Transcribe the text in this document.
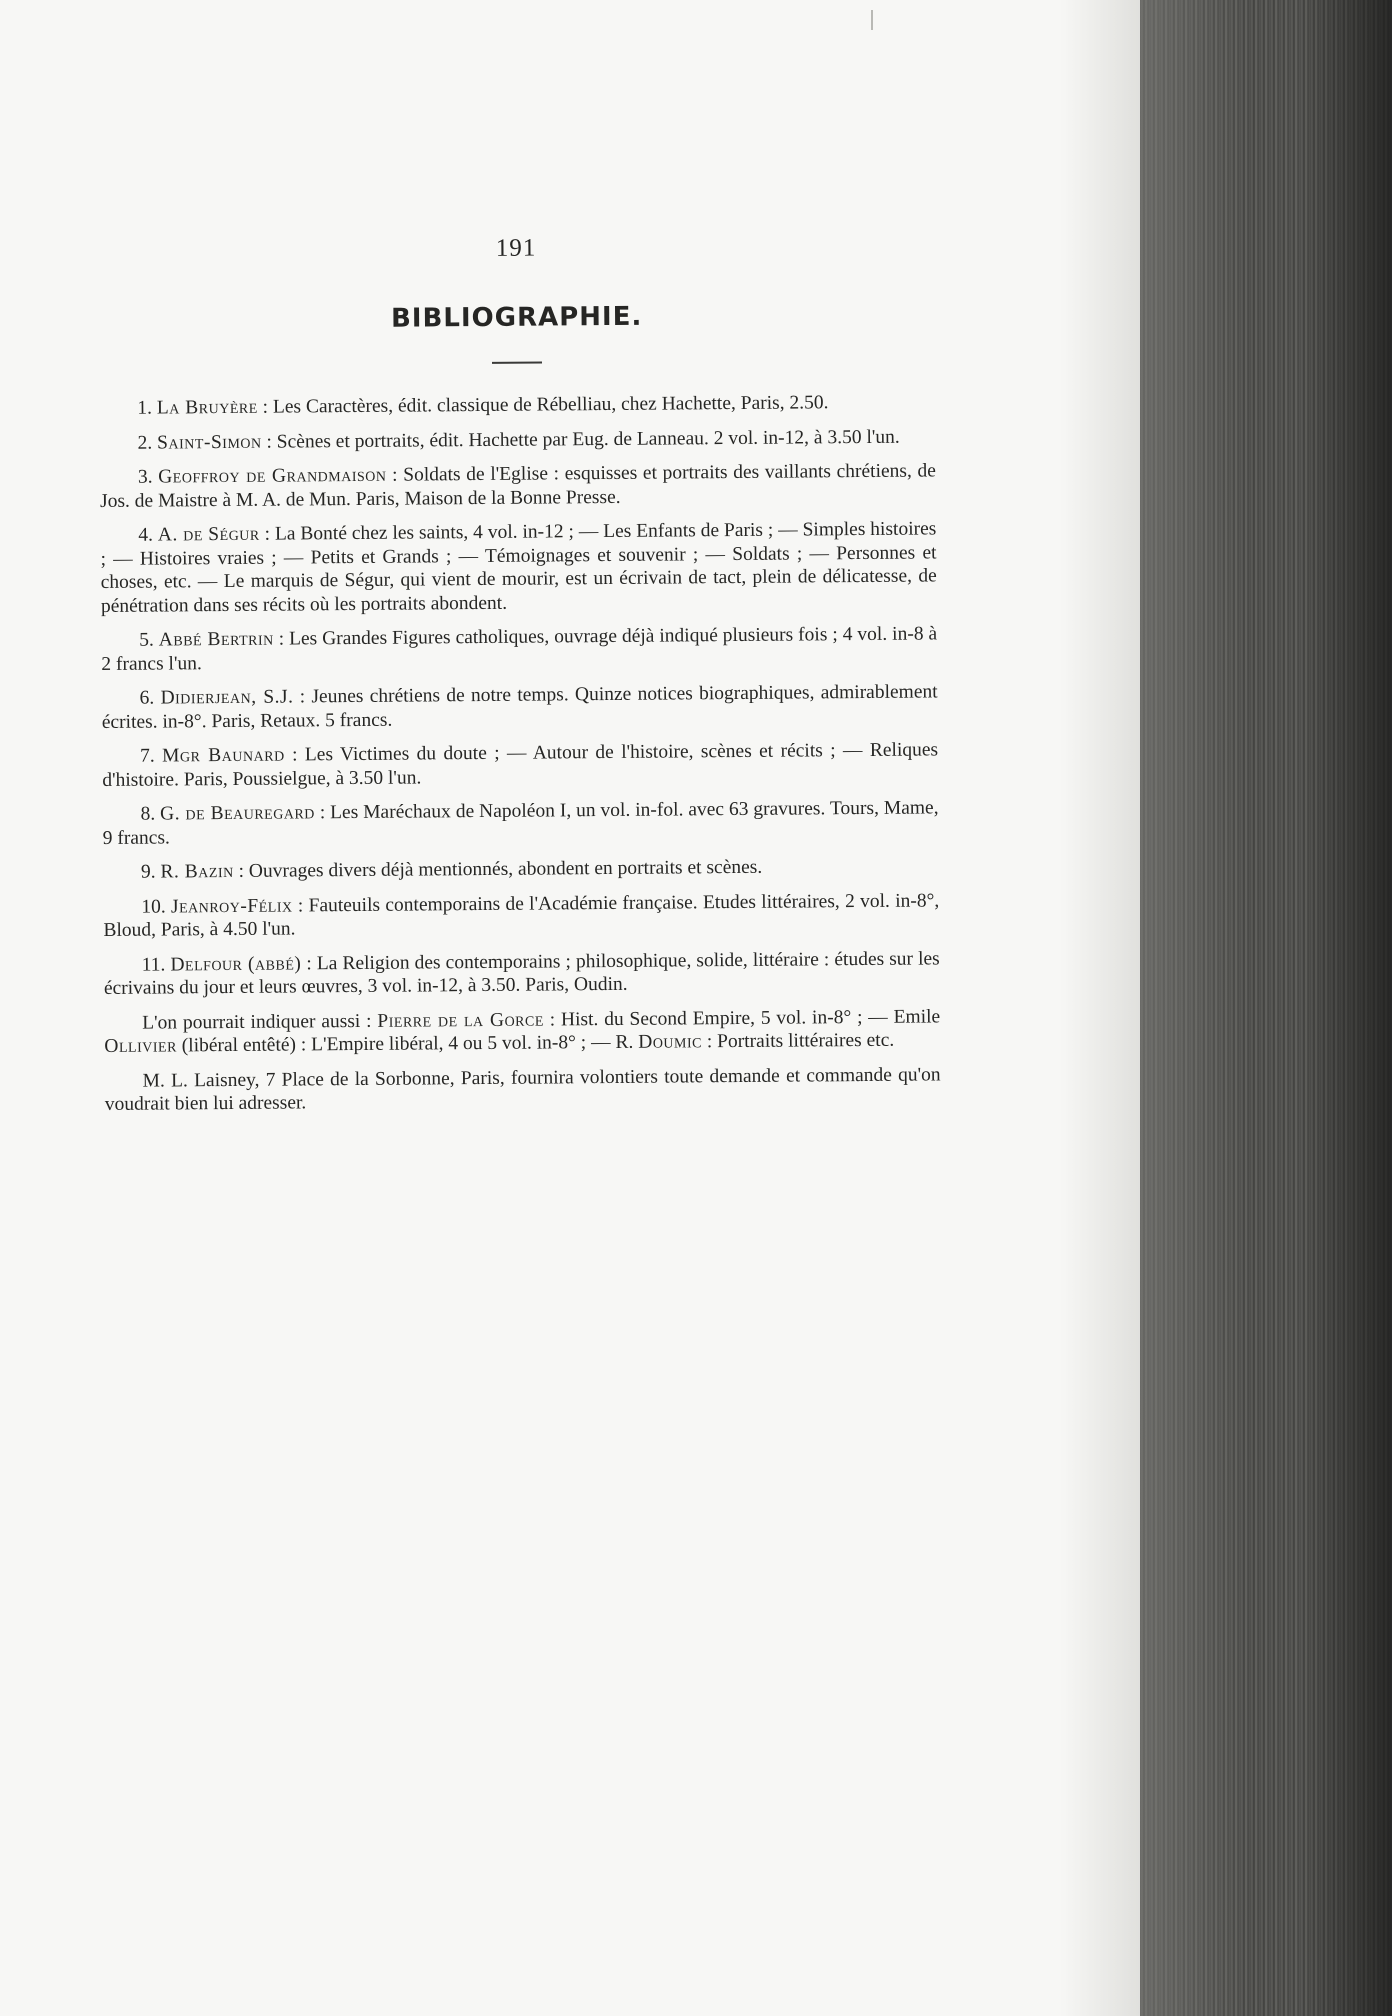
191
BIBLIOGRAPHIE.

1. La Bruyère : Les Caractères, édit. classique de Rébelliau, chez Hachette, Paris, 2.50.

2. Saint-Simon : Scènes et portraits, édit. Hachette par Eug. de Lanneau. 2 vol. in-12, à 3.50 l'un.

3. Geoffroy de Grandmaison : Soldats de l'Eglise : esquisses et portraits des vaillants chrétiens, de Jos. de Maistre à M. A. de Mun. Paris, Maison de la Bonne Presse.

4. A. de Ségur : La Bonté chez les saints, 4 vol. in-12 ; — Les Enfants de Paris ; — Simples histoires ; — Histoires vraies ; — Petits et Grands ; — Témoignages et souvenir ; — Soldats ; — Personnes et choses, etc. — Le marquis de Ségur, qui vient de mourir, est un écrivain de tact, plein de délicatesse, de pénétration dans ses récits où les portraits abondent.

5. Abbé Bertrin : Les Grandes Figures catholiques, ouvrage déjà indiqué plusieurs fois ; 4 vol. in-8 à 2 francs l'un.

6. Didierjean, S.J. : Jeunes chrétiens de notre temps. Quinze notices biographiques, admirablement écrites. in-8°. Paris, Retaux. 5 francs.

7. Mgr Baunard : Les Victimes du doute ; — Autour de l'histoire, scènes et récits ; — Reliques d'histoire. Paris, Poussielgue, à 3.50 l'un.

8. G. de Beauregard : Les Maréchaux de Napoléon I, un vol. in-fol. avec 63 gravures. Tours, Mame, 9 francs.

9. R. Bazin : Ouvrages divers déjà mentionnés, abondent en portraits et scènes.

10. Jeanroy-Félix : Fauteuils contemporains de l'Académie française. Etudes littéraires, 2 vol. in-8°, Bloud, Paris, à 4.50 l'un.

11. Delfour (abbé) : La Religion des contemporains ; philosophique, solide, littéraire : études sur les écrivains du jour et leurs œuvres, 3 vol. in-12, à 3.50. Paris, Oudin.

L'on pourrait indiquer aussi : Pierre de la Gorce : Hist. du Second Empire, 5 vol. in-8° ; — Emile Ollivier (libéral entêté) : L'Empire libéral, 4 ou 5 vol. in-8° ; — R. Doumic : Portraits littéraires etc.

M. L. Laisney, 7 Place de la Sorbonne, Paris, fournira volontiers toute demande et commande qu'on voudrait bien lui adresser.
